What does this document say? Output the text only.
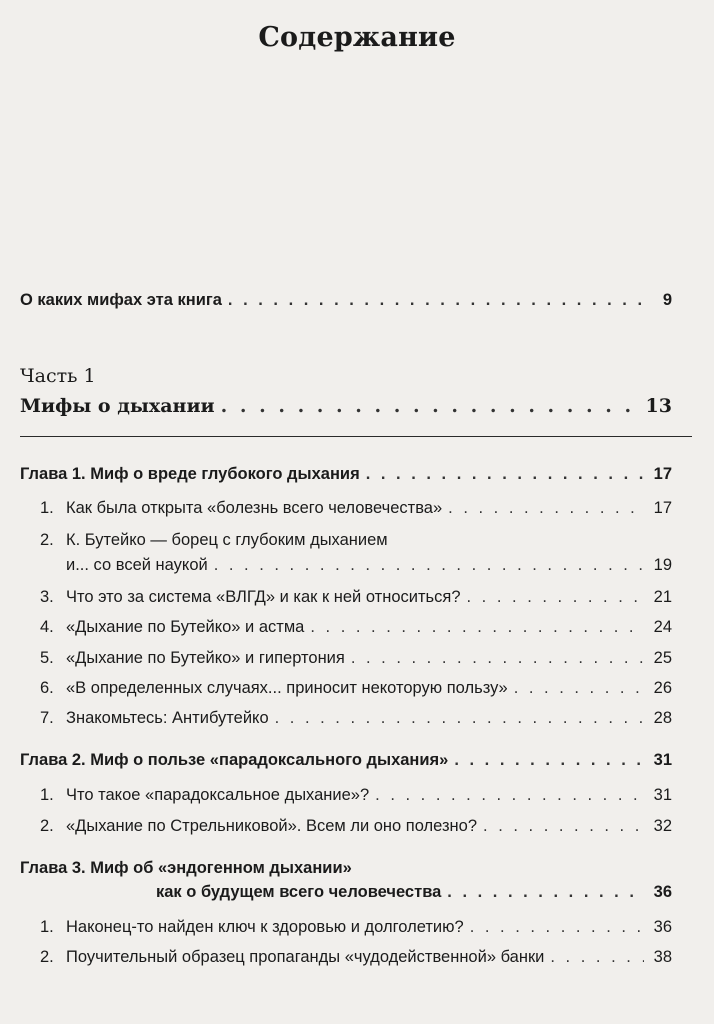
Содержание
О каких мифах эта книга . . .	9
Часть 1
Мифы о дыхании . . .	13
Глава 1. Миф о вреде глубокого дыхания . . .	17
1. Как была открыта «болезнь всего человечества» . . .	17
2. К. Бутейко — борец с глубоким дыханием
и... со всей наукой . . .	19
3. Что это за система «ВЛГД» и как к ней относиться? . . .	21
4. «Дыхание по Бутейко» и астма . . .	24
5. «Дыхание по Бутейко» и гипертония . . .	25
6. «В определенных случаях... приносит некоторую пользу» . . .	26
7. Знакомьтесь: Антибутейко . . .	28
Глава 2. Миф о пользе «парадоксального дыхания» . . .	31
1. Что такое «парадоксальное дыхание»? . . .	31
2. «Дыхание по Стрельниковой». Всем ли оно полезно? . . .	32
Глава 3. Миф об «эндогенном дыхании»
как о будущем всего человечества . . .	36
1. Наконец-то найден ключ к здоровью и долголетию? . . .	36
2. Поучительный образец пропаганды «чудодейственной» банки . . .	38
